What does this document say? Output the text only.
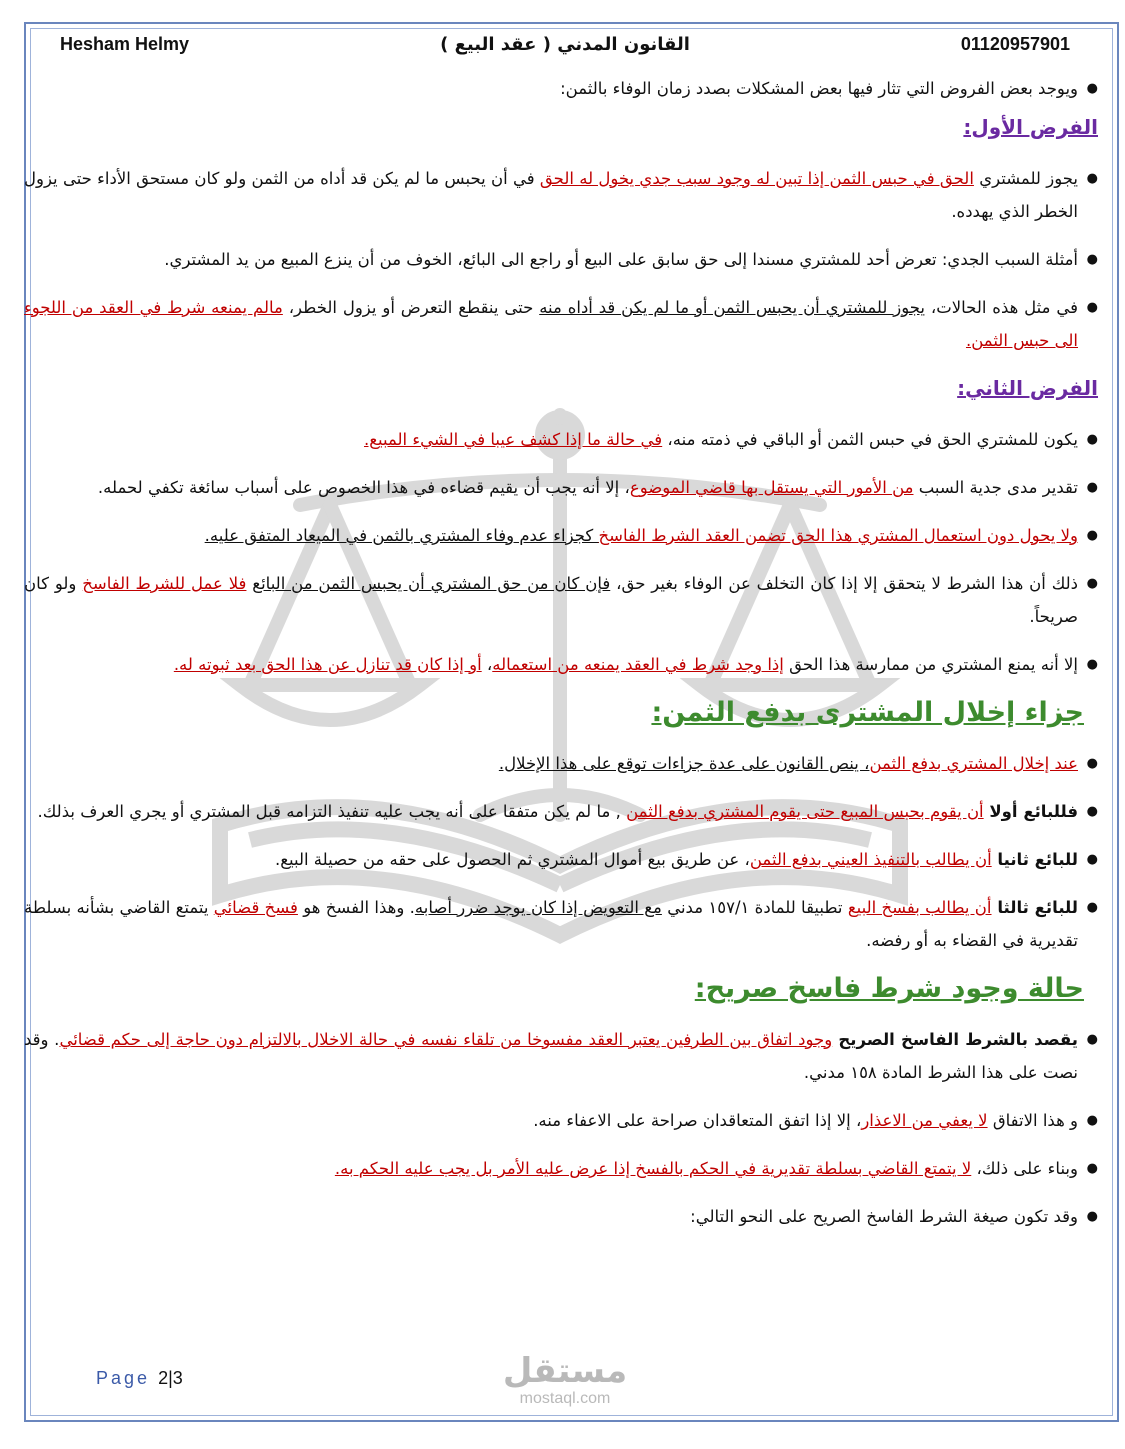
Hesham Helmy	القانون المدني ( عقد البيع )	01120957901

●
ويوجد بعض الفروض التي تثار فيها بعض المشكلات بصدد زمان الوفاء بالثمن:

الفرض الأول:

●
يجوز للمشتري الحق في حبس الثمن إذا تبين له وجود سبب جدي يخول له الحق في أن يحبس ما لم يكن قد أداه من الثمن ولو كان مستحق الأداء حتى يزول الخطر الذي يهدده.

●
أمثلة السبب الجدي: تعرض أحد للمشتري مسندا إلى حق سابق على البيع أو راجع الى البائع، الخوف من أن ينزع المبيع من يد المشتري.

●
في مثل هذه الحالات، يجوز للمشتري أن يحبس الثمن أو ما لم يكن قد أداه منه حتى ينقطع التعرض أو يزول الخطر، مالم يمنعه شرط في العقد من اللجوء الى حبس الثمن.

الفرض الثاني:

●
يكون للمشتري الحق في حبس الثمن أو الباقي في ذمته منه، في حالة ما إذا كشف عيبا في الشيء المبيع.

●
تقدير مدى جدية السبب من الأمور التي يستقل بها قاضي الموضوع، إلا أنه يجب أن يقيم قضاءه في هذا الخصوص على أسباب سائغة تكفي لحمله.

●
ولا يحول دون استعمال المشتري هذا الحق تضمن العقد الشرط الفاسخ كجزاء عدم وفاء المشتري بالثمن في الميعاد المتفق عليه.

●
ذلك أن هذا الشرط لا يتحقق إلا إذا كان التخلف عن الوفاء بغير حق، فإن كان من حق المشتري أن يحبس الثمن من البائع فلا عمل للشرط الفاسخ ولو كان صريحاً.

●
إلا أنه يمنع المشتري من ممارسة هذا الحق إذا وجد شرط في العقد يمنعه من استعماله، أو إذا كان قد تنازل عن هذا الحق بعد ثبوته له.

جزاء إخلال المشترى بدفع الثمن:

●
عند إخلال المشتري بدفع الثمن، ينص القانون على عدة جزاءات توقع على هذا الإخلال.

●
فللبائع أولا أن يقوم بحبس المبيع حتى يقوم المشتري بدفع الثمن , ما لم يكن متفقا على أنه يجب عليه تنفيذ التزامه قبل المشتري أو يجري العرف بذلك.

●
للبائع ثانيا أن يطالب بالتنفيذ العيني بدفع الثمن، عن طريق بيع أموال المشتري ثم الحصول على حقه من حصيلة البيع.

●
للبائع ثالثا أن يطالب بفسخ البيع تطبيقا للمادة ١٥٧/١ مدني مع التعويض إذا كان يوجد ضرر أصابه. وهذا الفسخ هو فسخ قضائي يتمتع القاضي بشأنه بسلطة تقديرية في القضاء به أو رفضه.

حالة وجود شرط فاسخ صريح:

●
يقصد بالشرط الفاسخ الصريح وجود اتفاق بين الطرفين يعتبر العقد مفسوخا من تلقاء نفسه في حالة الاخلال بالالتزام دون حاجة إلى حكم قضائي. وقد نصت على هذا الشرط المادة ١٥٨ مدني.

●
و هذا الاتفاق لا يعفي من الاعذار، إلا إذا اتفق المتعاقدان صراحة على الاعفاء منه.

●
وبناء على ذلك، لا يتمتع القاضي بسلطة تقديرية في الحكم بالفسخ إذا عرض عليه الأمر بل يجب عليه الحكم به.

●
وقد تكون صيغة الشرط الفاسخ الصريح على النحو التالي:

Page 2|3	مستقل
mostaql.com
